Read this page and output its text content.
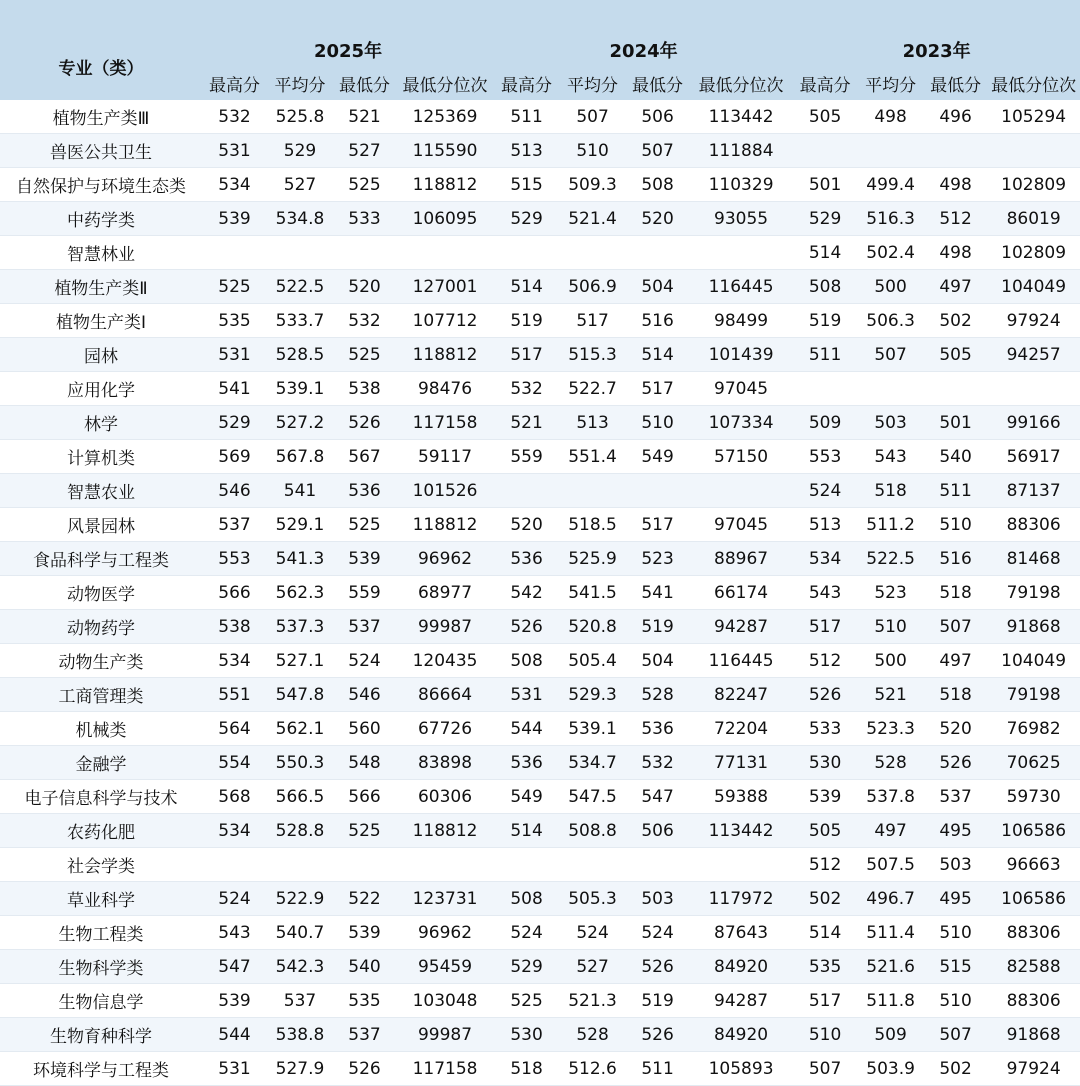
专业（类）	2025年				2024年				2023年			
	最高分	平均分	最低分	最低分位次	最高分	平均分	最低分	最低分位次	最高分	平均分	最低分	最低分位次
植物生产类Ⅲ	532	525.8	521	125369	511	507	506	113442	505	498	496	105294
兽医公共卫生	531	529	527	115590	513	510	507	111884				
自然保护与环境生态类	534	527	525	118812	515	509.3	508	110329	501	499.4	498	102809
中药学类	539	534.8	533	106095	529	521.4	520	93055	529	516.3	512	86019
智慧林业									514	502.4	498	102809
植物生产类Ⅱ	525	522.5	520	127001	514	506.9	504	116445	508	500	497	104049
植物生产类Ⅰ	535	533.7	532	107712	519	517	516	98499	519	506.3	502	97924
园林	531	528.5	525	118812	517	515.3	514	101439	511	507	505	94257
应用化学	541	539.1	538	98476	532	522.7	517	97045				
林学	529	527.2	526	117158	521	513	510	107334	509	503	501	99166
计算机类	569	567.8	567	59117	559	551.4	549	57150	553	543	540	56917
智慧农业	546	541	536	101526					524	518	511	87137
风景园林	537	529.1	525	118812	520	518.5	517	97045	513	511.2	510	88306
食品科学与工程类	553	541.3	539	96962	536	525.9	523	88967	534	522.5	516	81468
动物医学	566	562.3	559	68977	542	541.5	541	66174	543	523	518	79198
动物药学	538	537.3	537	99987	526	520.8	519	94287	517	510	507	91868
动物生产类	534	527.1	524	120435	508	505.4	504	116445	512	500	497	104049
工商管理类	551	547.8	546	86664	531	529.3	528	82247	526	521	518	79198
机械类	564	562.1	560	67726	544	539.1	536	72204	533	523.3	520	76982
金融学	554	550.3	548	83898	536	534.7	532	77131	530	528	526	70625
电子信息科学与技术	568	566.5	566	60306	549	547.5	547	59388	539	537.8	537	59730
农药化肥	534	528.8	525	118812	514	508.8	506	113442	505	497	495	106586
社会学类									512	507.5	503	96663
草业科学	524	522.9	522	123731	508	505.3	503	117972	502	496.7	495	106586
生物工程类	543	540.7	539	96962	524	524	524	87643	514	511.4	510	88306
生物科学类	547	542.3	540	95459	529	527	526	84920	535	521.6	515	82588
生物信息学	539	537	535	103048	525	521.3	519	94287	517	511.8	510	88306
生物育种科学	544	538.8	537	99987	530	528	526	84920	510	509	507	91868
环境科学与工程类	531	527.9	526	117158	518	512.6	511	105893	507	503.9	502	97924
